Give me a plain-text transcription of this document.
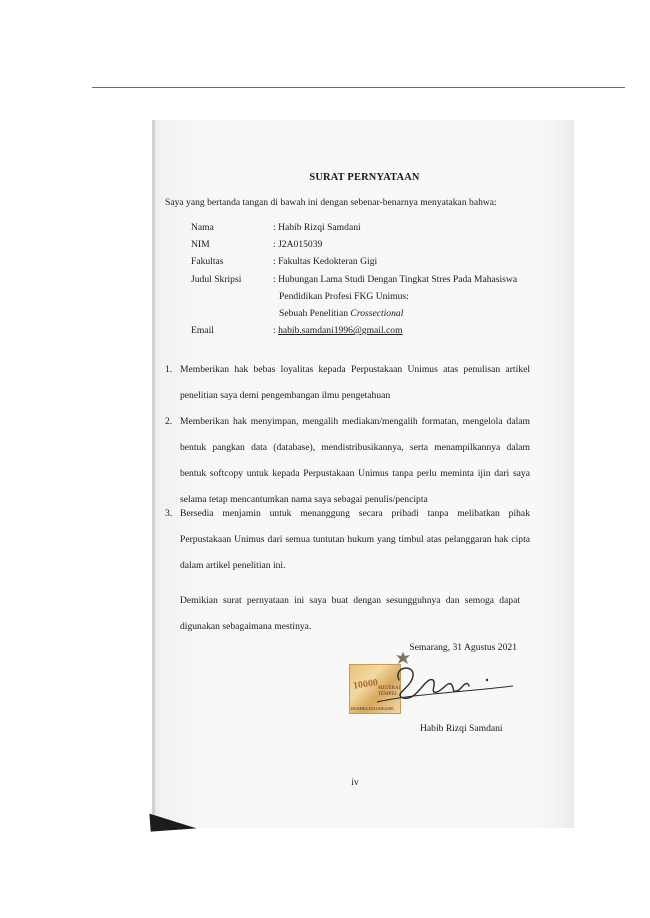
SURAT PERNYATAAN
Saya yang bertanda tangan di bawah ini dengan sebenar-benarnya menyatakan bahwa:
Nama	: Habib Rizqi Samdani
NIM	: J2A015039
Fakultas	: Fakultas Kedokteran Gigi
Judul Skripsi	: Hubungan Lama Studi Dengan Tingkat Stres Pada Mahasiswa
Pendidikan Profesi FKG Unimus:
Sebuah Penelitian Crossectional
Email	: habib.samdani1996@gmail.com
1. Memberikan hak bebas loyalitas kepada Perpustakaan Unimus atas penulisan artikel penelitian saya demi pengembangan ilmu pengetahuan
2. Memberikan hak menyimpan, mengalih mediakan/mengalih formatan, mengelola dalam bentuk pangkan data (database), mendistribusikannya, serta menampilkannya dalam bentuk softcopy untuk kepada Perpustakaan Unimus tanpa perlu meminta ijin dari saya selama tetap mencantumkan nama saya sebagai penulis/pencipta
3. Bersedia menjamin untuk menanggung secara pribadi tanpa melibatkan pihak Perpustakaan Unimus dari semua tuntutan hukum yang timbul atas pelanggaran hak cipta dalam artikel penelitian ini.
Demikian surat pernyataan ini saya buat dengan sesungguhnya dan semoga dapat digunakan sebagaimana mestinya.
Semarang, 31 Agustus 2021
10000 METERAI
TEMPEL
D6ABFAJX410264300
Habib Rizqi Samdani
iv
